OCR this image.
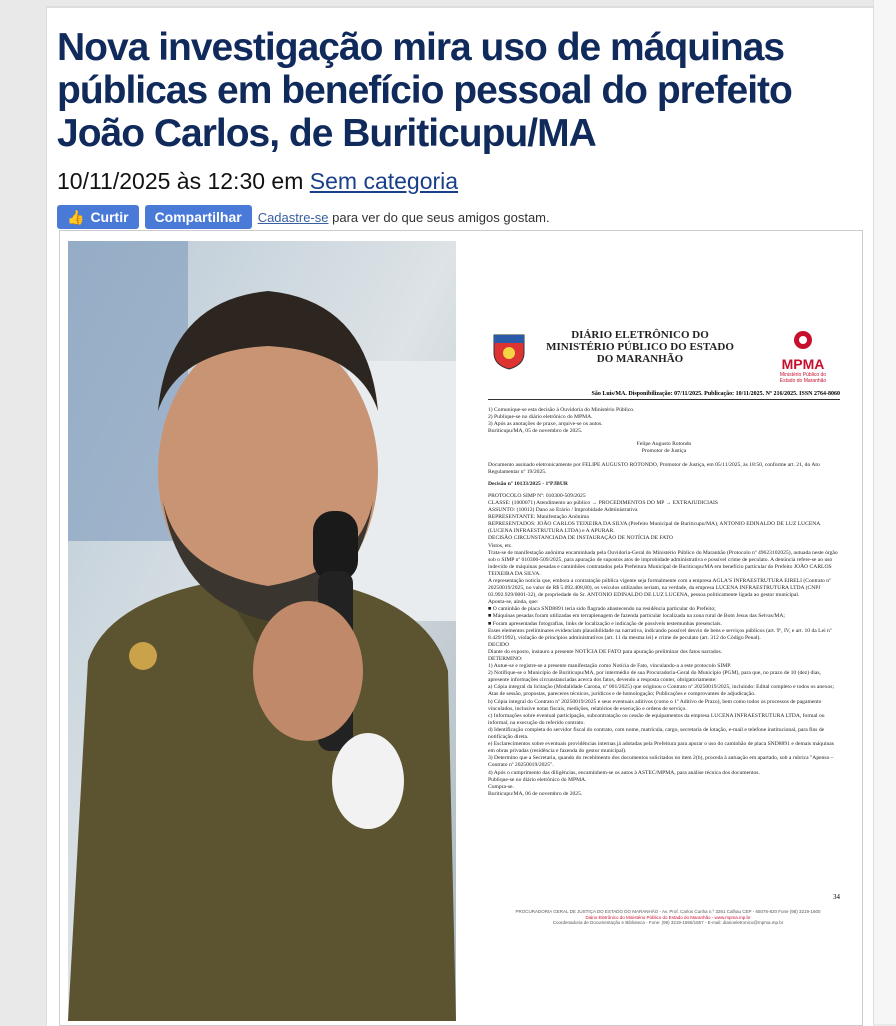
Nova investigação mira uso de máquinas públicas em benefício pessoal do prefeito João Carlos, de Buriticupu/MA
10/11/2025 às 12:30 em Sem categoria
👍 Curtir	Compartilhar	Cadastre-se para ver do que seus amigos gostam.
DIÁRIO ELETRÔNICO DO MINISTÉRIO PÚBLICO DO ESTADO DO MARANHÃO	MPMA
Ministério Público do Estado do Maranhão
São Luís/MA. Disponibilização: 07/11/2025. Publicação: 10/11/2025. Nº 216/2025. ISSN 2764-8060

1) Comunique-se esta decisão à Ouvidoria do Ministério Público.

2) Publique-se no diário eletrônico do MPMA.

3) Após as anotações de praxe, arquive-se os autos.

Buriticupu/MA, 05 de novembro de 2025.

Felipe Augusto Rotondo

Promotor de Justiça

Documento assinado eletronicamente por FELIPE AUGUSTO ROTONDO, Promotor de Justiça, em 05/11/2025, às 18:50, conforme art. 21, do Ato Regulamentar nº 19/2025.

Decisão nº 10133/2025 - 1ªPJBUR

PROTOCOLO SIMP Nº: 010300-509/2025

CLASSE: (1000071) Atendimento ao público → PROCEDIMENTOS DO MP → EXTRAJUDICIAIS

ASSUNTO: (10012) Dano ao Erário / Improbidade Administrativa

REPRESENTANTE: Manifestação Anônima

REPRESENTADOS: JOÃO CARLOS TEIXEIRA DA SILVA (Prefeito Municipal de Buriticupu/MA), ANTONIO EDINALDO DE LUZ LUCENA (LUCENA INFRAESTRUTURA LTDA) e A APURAR.

DECISÃO CIRCUNSTANCIADA DE INSTAURAÇÃO DE NOTÍCIA DE FATO

Vistos, etc.

Trata-se de manifestação anônima encaminhada pela Ouvidoria-Geral do Ministério Público do Maranhão (Protocolo nº 49623102025), autuada neste órgão sob o SIMP nº 010300-509/2025, para apuração de supostos atos de improbidade administrativa e possível crime de peculato. A denúncia refere-se ao uso indevido de máquinas pesadas e caminhões contratados pela Prefeitura Municipal de Buriticupu/MA em benefício particular do Prefeito JOÃO CARLOS TEIXEIRA DA SILVA.

A representação noticia que, embora a contratação pública vigente seja formalmente com a empresa AGLA'S INFRAESTRUTURA EIRELI (Contrato nº 20250019/2025, no valor de R$ 5.092.408,80), os veículos utilizados seriam, na verdade, da empresa LUCENA INFRAESTRUTURA LTDA (CNPJ 03.992.929/0001-32), de propriedade do Sr. ANTONIO EDINALDO DE LUZ LUCENA, pessoa politicamente ligada ao gestor municipal.

Aponta-se, ainda, que:

■ O caminhão de placa SND8891 teria sido flagrado abastecendo na residência particular do Prefeito;

■ Máquinas pesadas foram utilizadas em terraplenagem de fazenda particular localizada na zona rural de Bom Jesus das Selvas/MA;

■ Foram apresentadas fotografias, links de localização e indicação de possíveis testemunhas presenciais.

Esses elementos preliminares evidenciam plausibilidade na narrativa, indicando possível desvio de bens e serviços públicos (art. 9º, IV, e art. 10 da Lei nº 8.429/1992), violação de princípios administrativos (art. 11 da mesma lei) e crime de peculato (art. 312 do Código Penal).

DECIDO

Diante do exposto, instauro a presente NOTÍCIA DE FATO para apuração preliminar dos fatos narrados.

DETERMINO:

1) Autue-se e registre-se a presente manifestação como Notícia de Fato, vinculando-a a este protocolo SIMP.

2) Notifique-se o Município de Buriticupu/MA, por intermédio de sua Procuradoria-Geral do Município (PGM), para que, no prazo de 10 (dez) dias, apresente informações circunstanciadas acerca dos fatos, devendo a resposta conter, obrigatoriamente:

a) Cópia integral da licitação (Modalidade Carona, nº 001/2025) que originou o Contrato nº 20250019/2025, incluindo: Edital completo e todos os anexos; Atas de sessão, propostas, pareceres técnicos, jurídicos e de homologação; Publicações e comprovantes de adjudicação.

b) Cópia integral do Contrato nº 20250019/2025 e seus eventuais aditivos (como o 1º Aditivo de Prazo), bem como todos os processos de pagamento vinculados, inclusive notas fiscais, medições, relatórios de execução e ordens de serviço.

c) Informações sobre eventual participação, subcontratação ou cessão de equipamentos da empresa LUCENA INFRAESTRUTURA LTDA, formal ou informal, na execução do referido contrato.

d) Identificação completa do servidor fiscal do contrato, com nome, matrícula, cargo, secretaria de lotação, e-mail e telefone institucional, para fins de notificação direta.

e) Esclarecimentos sobre eventuais providências internas já adotadas pela Prefeitura para apurar o uso do caminhão de placa SND8891 e demais máquinas em obras privadas (residência e fazenda do gestor municipal).

3) Determino que a Secretaria, quando do recebimento dos documentos solicitados no item 2(b), proceda à autuação em apartado, sob a rubrica "Apenso – Contrato nº 20250019/2025".

4) Após o cumprimento das diligências, encaminhem-se os autos à ASTEC/MPMA, para análise técnica dos documentos.

Publique-se no diário eletrônico do MPMA.

Cumpra-se.

Buriticupu/MA, 06 de novembro de 2025.

34
PROCURADORIA GERAL DE JUSTIÇA DO ESTADO DO MARANHÃO - Av. Prof. Carlos Cunha n.º 3261 Calhau CEP - 65076-820 Fone (98) 3219-1600
Diário Eletrônico do Ministério Público do Estado do Maranhão - www.mpma.mp.br
Coordenadoria de Documentação e Biblioteca - Fone: (98) 3219-1656/1657 - E-mail: diarioeletronico@mpma.mp.br
